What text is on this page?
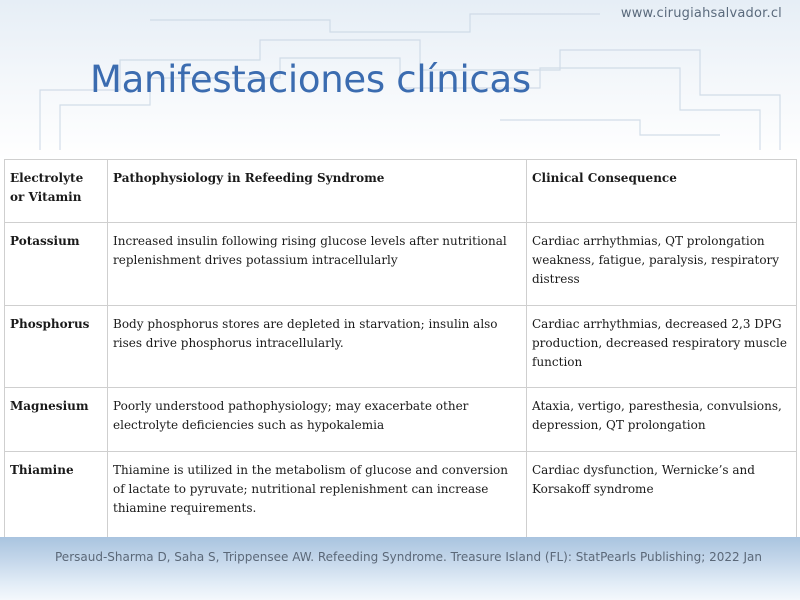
www.cirugiahsalvador.cl
Manifestaciones clínicas
Electrolyte or Vitamin	Pathophysiology in Refeeding Syndrome	Clinical Consequence
Potassium	Increased insulin following rising glucose levels after nutritional replenishment drives potassium intracellularly	Cardiac arrhythmias, QT prolongation weakness, fatigue, paralysis, respiratory distress
Phosphorus	Body phosphorus stores are depleted in starvation; insulin also rises drive phosphorus intracellularly.	Cardiac arrhythmias, decreased 2,3 DPG production, decreased respiratory muscle function
Magnesium	Poorly understood pathophysiology; may exacerbate other electrolyte deficiencies such as hypokalemia	Ataxia, vertigo, paresthesia, convulsions, depression, QT prolongation
Thiamine	Thiamine is utilized in the metabolism of glucose and conversion of lactate to pyruvate; nutritional replenishment can increase thiamine requirements.	Cardiac dysfunction, Wernicke’s and Korsakoff syndrome
Persaud-Sharma D, Saha S, Trippensee AW. Refeeding Syndrome. Treasure Island (FL): StatPearls Publishing; 2022 Jan
